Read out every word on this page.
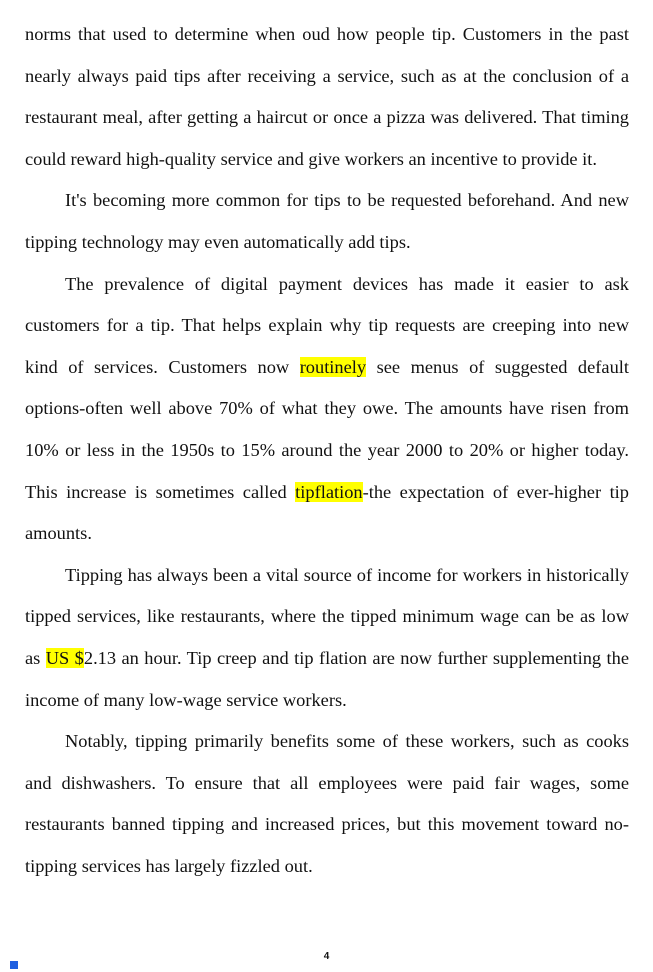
norms that used to determine when oud how people tip. Customers in the past nearly always paid tips after receiving a service, such as at the conclusion of a restaurant meal, after getting a haircut or once a pizza was delivered. That timing could reward high-quality service and give workers an incentive to provide it.

It's becoming more common for tips to be requested beforehand. And new tipping technology may even automatically add tips.

The prevalence of digital payment devices has made it easier to ask customers for a tip. That helps explain why tip requests are creeping into new kind of services. Customers now routinely see menus of suggested default options-often well above 70% of what they owe. The amounts have risen from 10% or less in the 1950s to 15% around the year 2000 to 20% or higher today. This increase is sometimes called tipflation-the expectation of ever-higher tip amounts.

Tipping has always been a vital source of income for workers in historically tipped services, like restaurants, where the tipped minimum wage can be as low as US $2.13 an hour. Tip creep and tip flation are now further supplementing the income of many low-wage service workers.

Notably, tipping primarily benefits some of these workers, such as cooks and dishwashers. To ensure that all employees were paid fair wages, some restaurants banned tipping and increased prices, but this movement toward no-tipping services has largely fizzled out.

4
